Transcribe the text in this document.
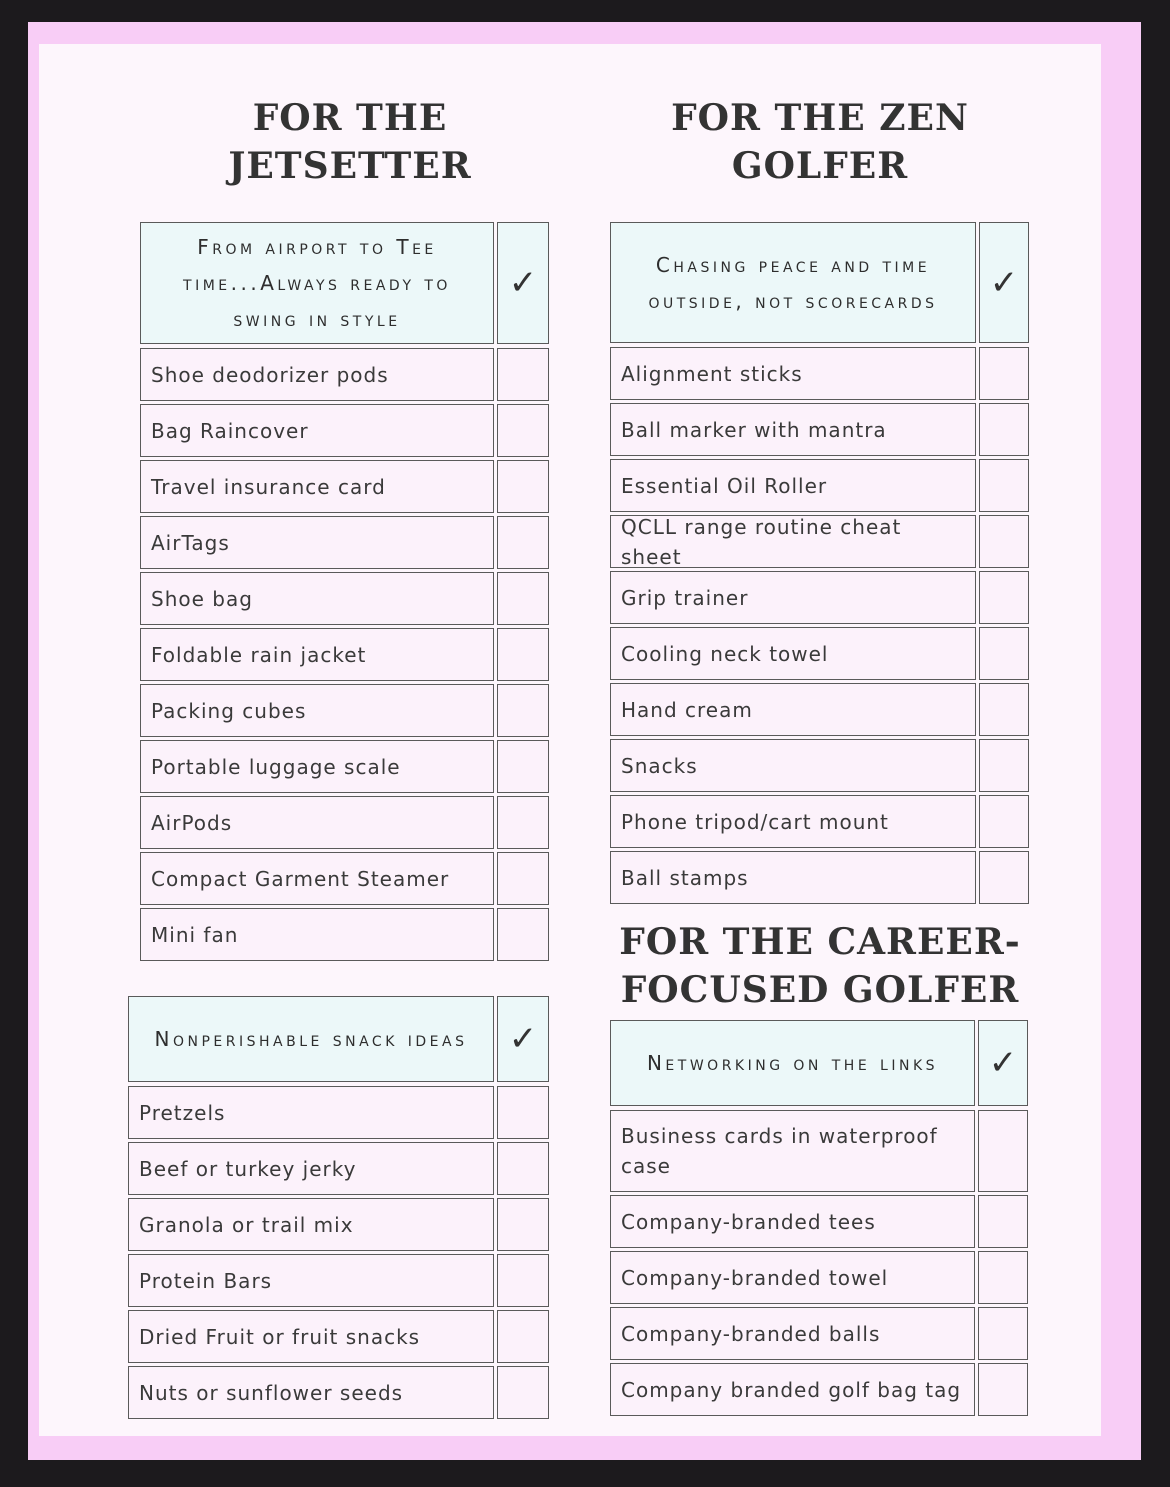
FOR THE
JETSETTER
FOR THE ZEN
GOLFER
FOR THE CAREER-
FOCUSED GOLFER
From airport to Tee time...Always ready to swing in style
✓
Shoe deodorizer pods
Bag Raincover
Travel insurance card
AirTags
Shoe bag
Foldable rain jacket
Packing cubes
Portable luggage scale
AirPods
Compact Garment Steamer
Mini fan
Nonperishable snack ideas ✓
Pretzels
Beef or turkey jerky
Granola or trail mix
Protein Bars
Dried Fruit or fruit snacks
Nuts or sunflower seeds
Chasing peace and time outside, not scorecards	✓
Alignment sticks
Ball marker with mantra
Essential Oil Roller
QCLL range routine cheat sheet
Grip trainer
Cooling neck towel
Hand cream
Snacks
Phone tripod/cart mount
Ball stamps
Networking on the links ✓
Business cards in waterproof case
Company-branded tees
Company-branded towel
Company-branded balls
Company branded golf bag tag
